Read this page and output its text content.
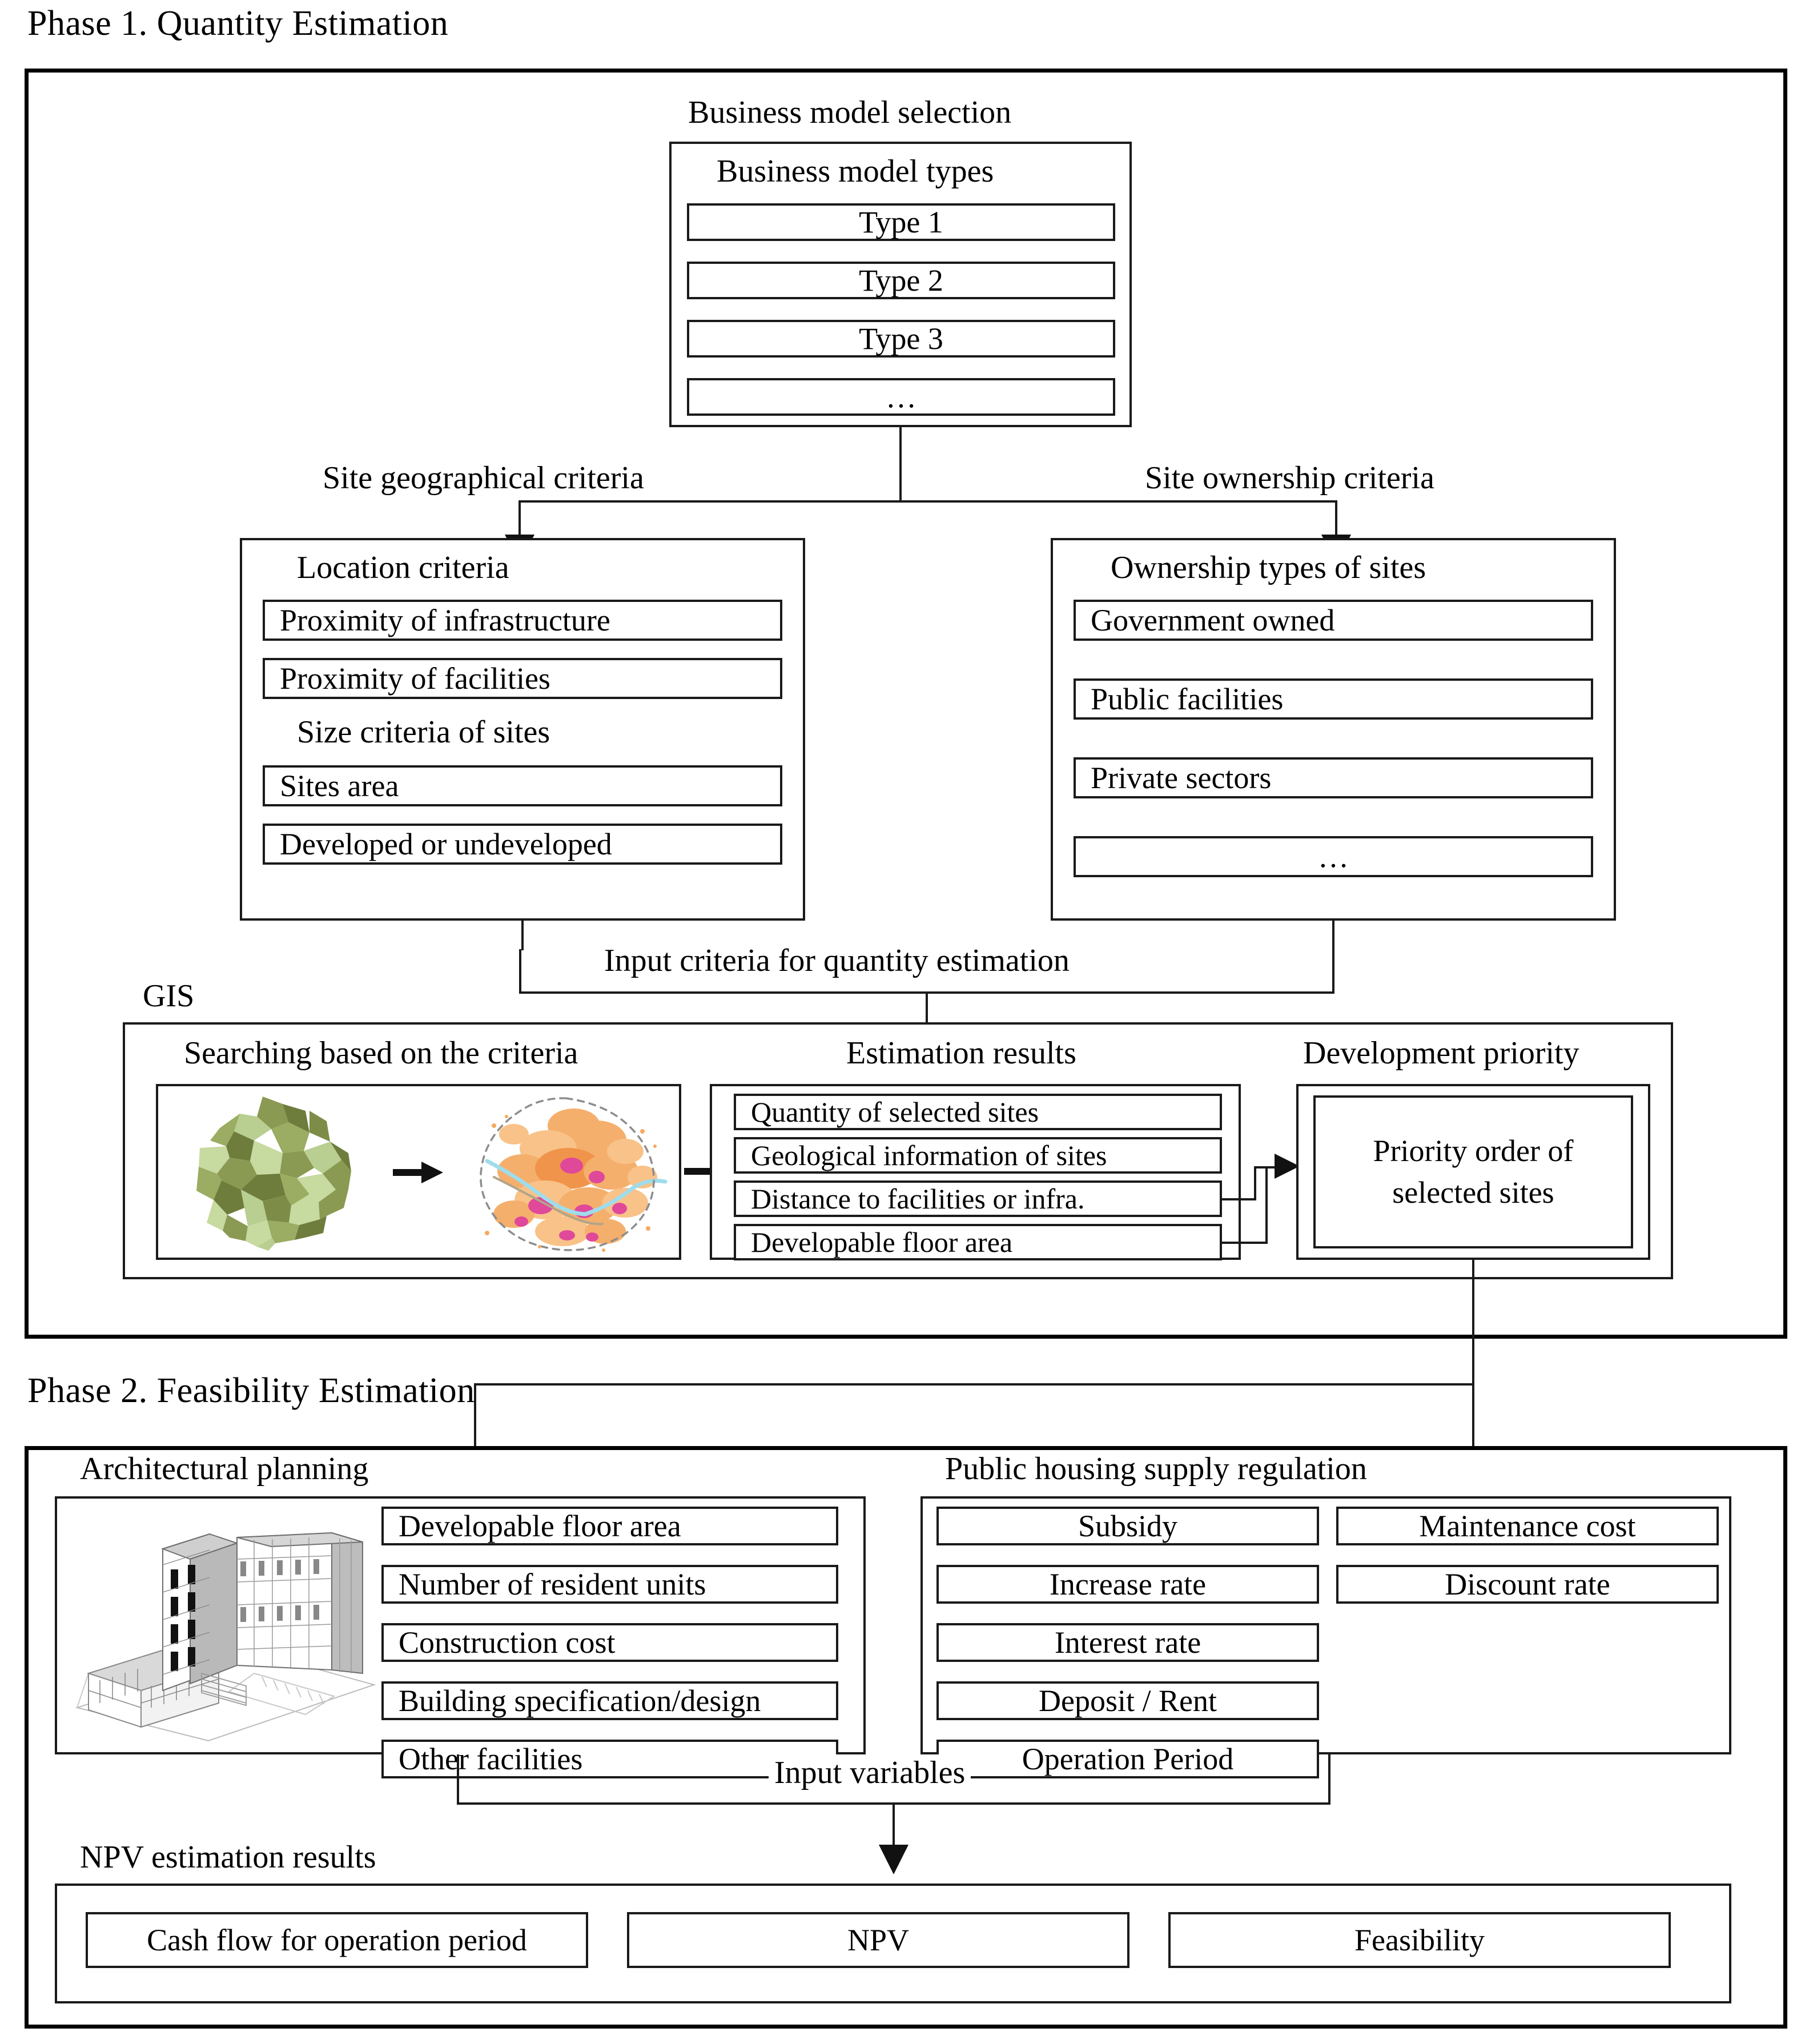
Phase 1. Quantity Estimation
Business model selection
Business model types
Type 1
Type 2
Type 3
…
Site geographical criteria	Site ownership criteria
Location criteria
Proximity of infrastructure
Proximity of facilities
Size criteria of sites
Sites area
Developed or undeveloped
Ownership types of sites
Government owned
Public facilities
Private sectors
…
Input criteria for quantity estimation
GIS
Searching based on the criteria	Estimation results
Quantity of selected sites
Geological information of sites
Distance to facilities or infra.
Developable floor area
Development priority
Priority order of
selected sites
Phase 2. Feasibility Estimation
Architectural planning
Developable floor area
Number of resident units
Construction cost
Building specification/design
Other facilities
Public housing supply regulation
Subsidy
Increase rate
Interest rate
Deposit / Rent
Operation Period
Maintenance cost
Discount rate
Input variables
NPV estimation results
Cash flow for operation period	NPV	Feasibility
